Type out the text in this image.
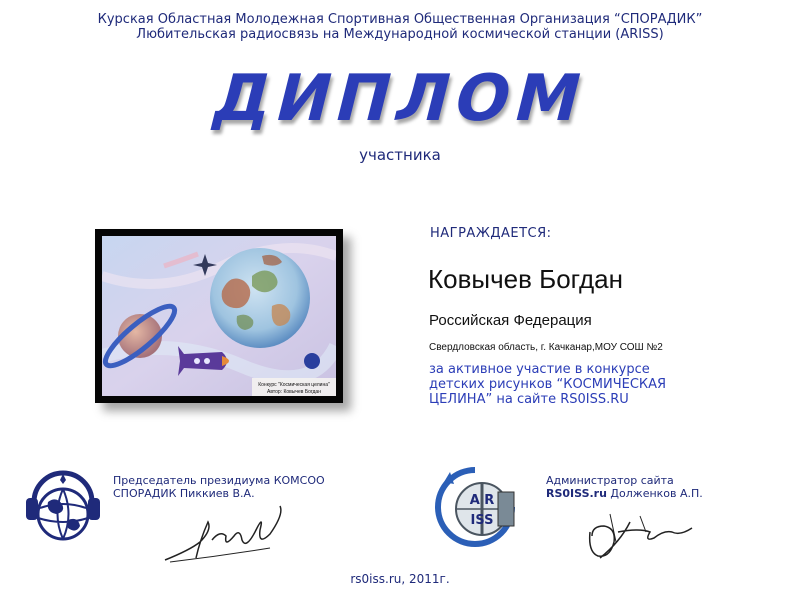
Курская Областная Молодежная Спортивная Общественная Организация “СПОРАДИК”
Любительская радиосвязь на Международной космической станции (ARISS)
ДИПЛОМ
участника
Конкурс "Космическая целина"
Автор: Ковычев Богдан
НАГРАЖДАЕТСЯ:
Ковычев Богдан
Российская Федерация
Свердловская область, г. Качканар,МОУ СОШ №2
за активное участие в конкурсе
детских рисунков “КОСМИЧЕСКАЯ
ЦЕЛИНА” на сайте RS0ISS.RU
Председатель президиума КОМСОО
СПОРАДИК Пиккиев В.А.	A R
ISS
Администратор сайта
RS0ISS.ru Долженков А.П.
rs0iss.ru, 2011г.
